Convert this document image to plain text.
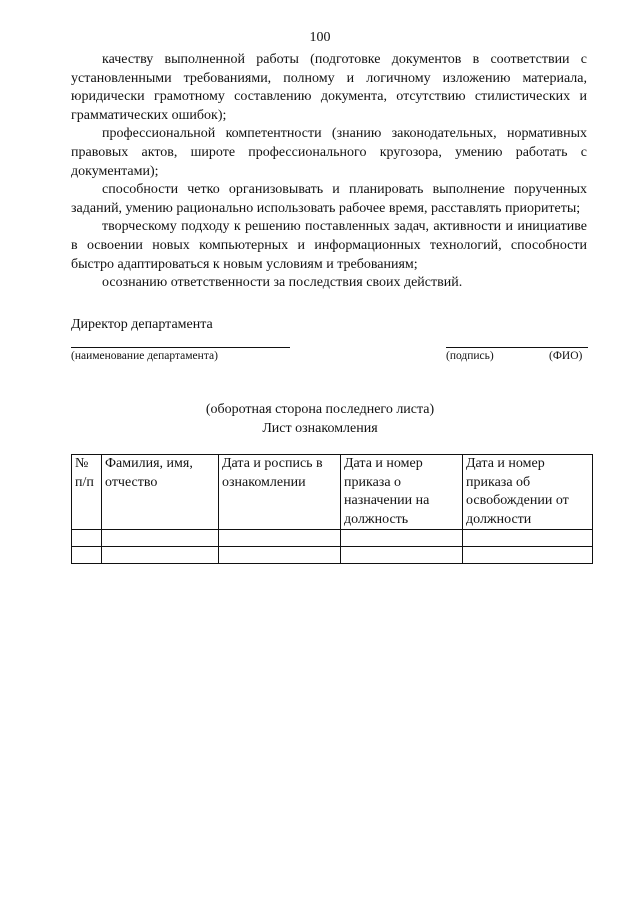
100

качеству выполненной работы (подготовке документов в соответствии с установленными требованиями, полному и логичному изложению материала, юридически грамотному составлению документа, отсутствию стилистических и грамматических ошибок);

профессиональной компетентности (знанию законодательных, нормативных правовых актов, широте профессионального кругозора, умению работать с документами);

способности четко организовывать и планировать выполнение порученных заданий, умению рационально использовать рабочее время, расставлять приоритеты;

творческому подходу к решению поставленных задач, активности и инициативе в освоении новых компьютерных и информационных технологий, способности быстро адаптироваться к новым условиям и требованиям;

осознанию ответственности за последствия своих действий.

Директор департамента
(наименование департамента)	(подпись)	(ФИО)
(оборотная сторона последнего листа)
Лист ознакомления
№ п/п	Фамилия, имя, отчество	Дата и роспись в ознакомлении	Дата и номер приказа о назначении на должность	Дата и номер приказа об освобождении от должности
